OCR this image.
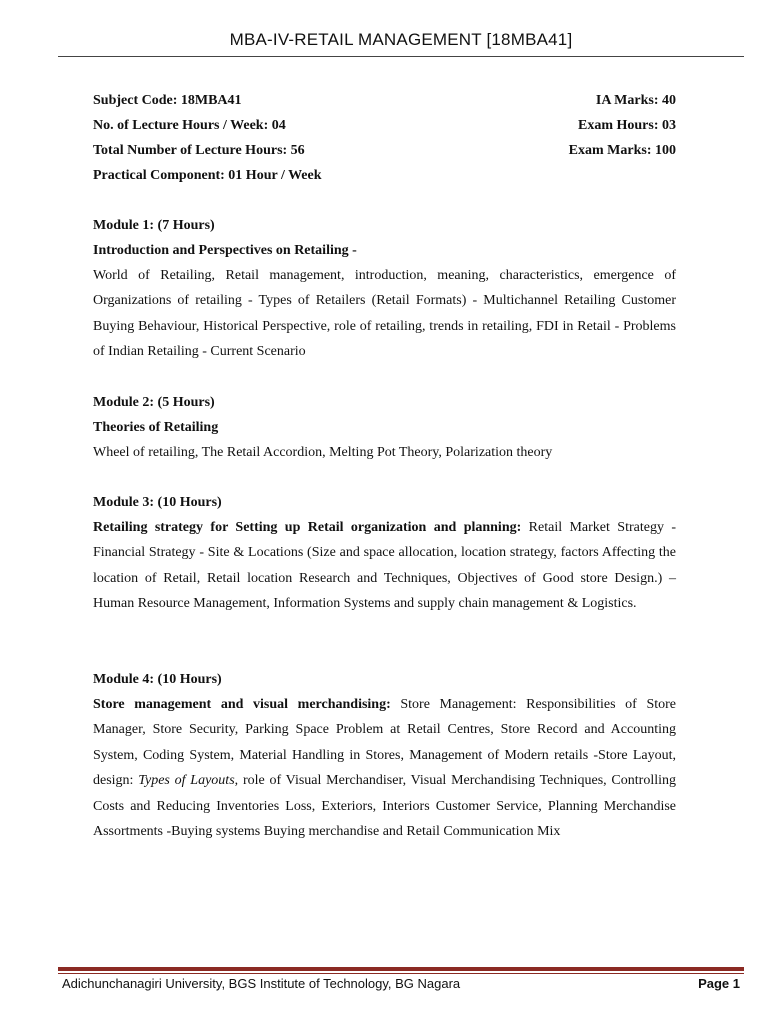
MBA-IV-RETAIL MANAGEMENT [18MBA41]
Subject Code: 18MBA41	IA Marks: 40
No. of Lecture Hours / Week: 04	Exam Hours: 03
Total Number of Lecture Hours: 56	Exam Marks: 100
Practical Component: 01 Hour / Week
Module 1: (7 Hours)
Introduction and Perspectives on Retailing -
World of Retailing, Retail management, introduction, meaning, characteristics, emergence of Organizations of retailing - Types of Retailers (Retail Formats) - Multichannel Retailing Customer Buying Behaviour, Historical Perspective, role of retailing, trends in retailing, FDI in Retail - Problems of Indian Retailing - Current Scenario
Module 2: (5 Hours)
Theories of Retailing
Wheel of retailing, The Retail Accordion, Melting Pot Theory, Polarization theory
Module 3: (10 Hours)
Retailing strategy for Setting up Retail organization and planning: Retail Market Strategy - Financial Strategy - Site & Locations (Size and space allocation, location strategy, factors Affecting the location of Retail, Retail location Research and Techniques, Objectives of Good store Design.) – Human Resource Management, Information Systems and supply chain management & Logistics.
Module 4: (10 Hours)
Store management and visual merchandising: Store Management: Responsibilities of Store Manager, Store Security, Parking Space Problem at Retail Centres, Store Record and Accounting System, Coding System, Material Handling in Stores, Management of Modern retails -Store Layout, design: Types of Layouts, role of Visual Merchandiser, Visual Merchandising Techniques, Controlling Costs and Reducing Inventories Loss, Exteriors, Interiors Customer Service, Planning Merchandise Assortments -Buying systems Buying merchandise and Retail Communication Mix
Adichunchanagiri University, BGS Institute of Technology, BG Nagara	Page 1
